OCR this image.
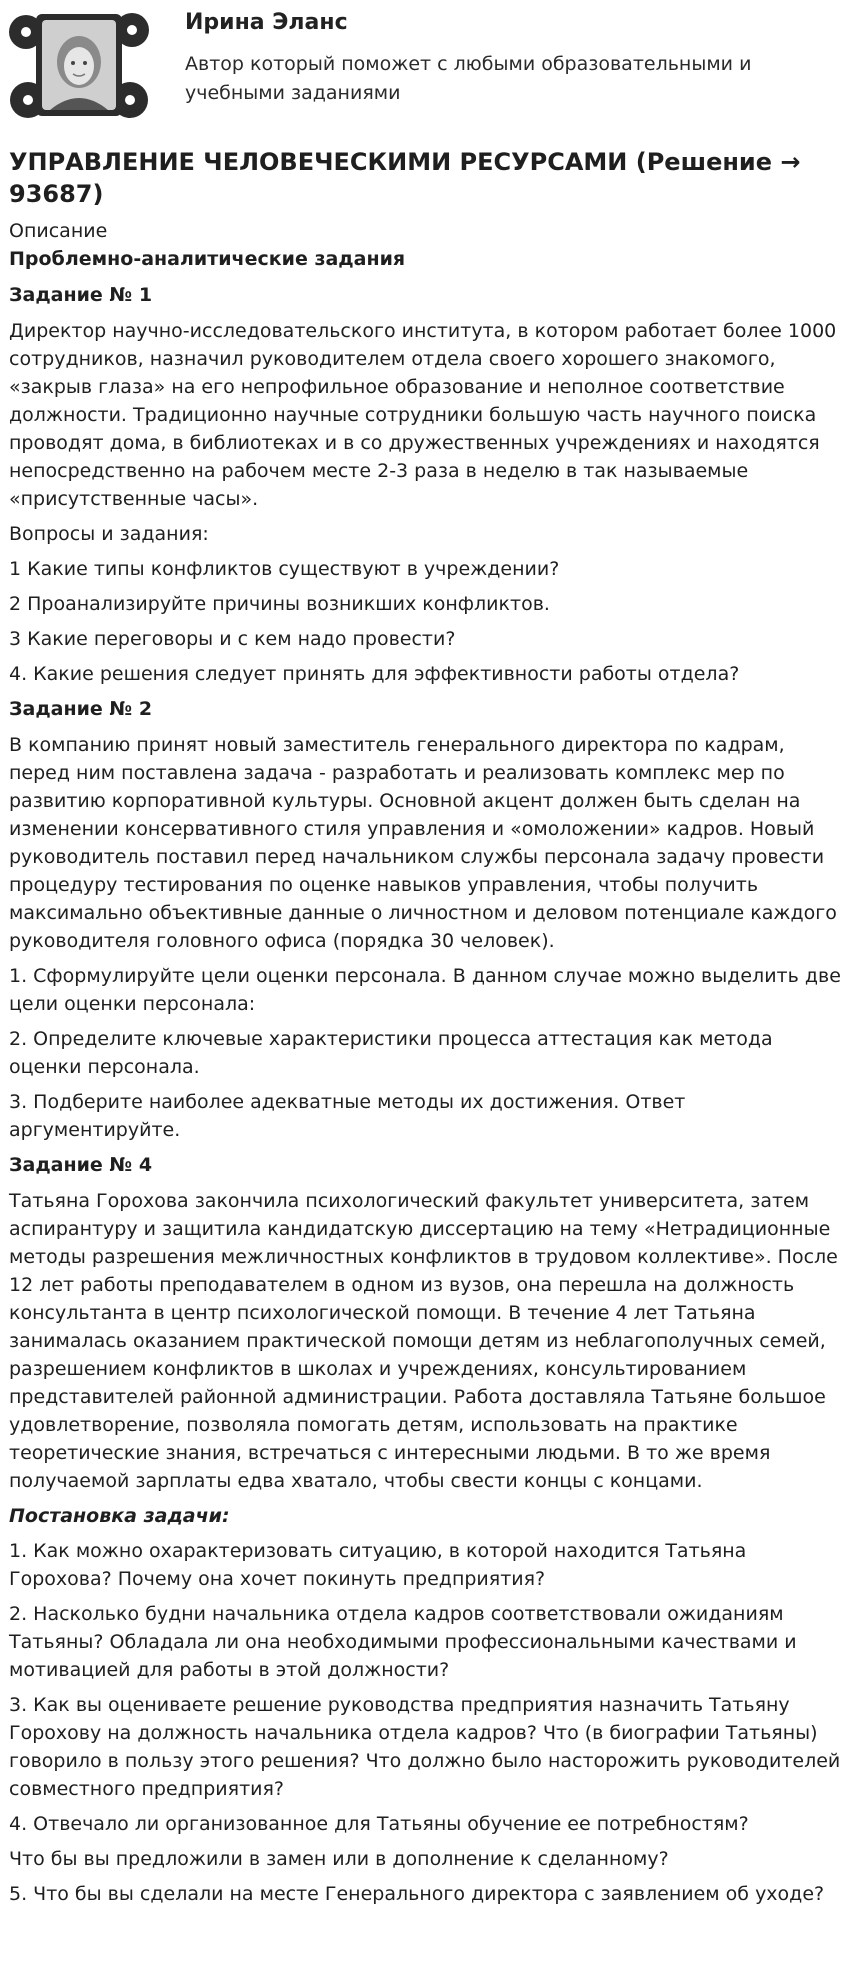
Ирина Эланс
Автор который поможет с любыми образовательными и учебными заданиями
УПРАВЛЕНИЕ ЧЕЛОВЕЧЕСКИМИ РЕСУРСАМИ (Решение → 93687)
Описание
Проблемно-аналитические задания
Задание № 1

Директор научно-исследовательского института, в котором работает более 1000 сотрудников, назначил руководителем отдела своего хорошего знакомого, «закрыв глаза» на его непрофильное образование и неполное соответствие должности. Традиционно научные сотрудники большую часть научного поиска проводят дома, в библиотеках и в со дружественных учреждениях и находятся непосредственно на рабочем месте 2-3 раза в неделю в так называемые «присутственные часы».

Вопросы и задания:

1 Какие типы конфликтов существуют в учреждении?

2 Проанализируйте причины возникших конфликтов.

3 Какие переговоры и с кем надо провести?

4. Какие решения следует принять для эффективности работы отдела?

Задание № 2

В компанию принят новый заместитель генерального директора по кадрам, перед ним поставлена задача - разработать и реализовать комплекс мер по развитию корпоративной культуры. Основной акцент должен быть сделан на изменении консервативного стиля управления и «омоложении» кадров. Новый руководитель поставил перед начальником службы персонала задачу провести процедуру тестирования по оценке навыков управления, чтобы получить максимально объективные данные о личностном и деловом потенциале каждого руководителя головного офиса (порядка 30 человек).

1. Сформулируйте цели оценки персонала. В данном случае можно выделить две цели оценки персонала:

2. Определите ключевые характеристики процесса аттестация как метода оценки персонала.

3. Подберите наиболее адекватные методы их достижения. Ответ аргументируйте.

Задание № 4

Татьяна Горохова закончила психологический факультет университета, затем аспирантуру и защитила кандидатскую диссертацию на тему «Нетрадиционные методы разрешения межличностных конфликтов в трудовом коллективе». После 12 лет работы преподавателем в одном из вузов, она перешла на должность консультанта в центр психологической помощи. В течение 4 лет Татьяна занималась оказанием практической помощи детям из неблагополучных семей, разрешением конфликтов в школах и учреждениях, консультированием представителей районной администрации. Работа доставляла Татьяне большое удовлетворение, позволяла помогать детям, использовать на практике теоретические знания, встречаться с интересными людьми. В то же время получаемой зарплаты едва хватало, чтобы свести концы с концами.

Постановка задачи:

1. Как можно охарактеризовать ситуацию, в которой находится Татьяна Горохова? Почему она хочет покинуть предприятия?

2. Насколько будни начальника отдела кадров соответствовали ожиданиям Татьяны? Обладала ли она необходимыми профессиональными качествами и мотивацией для работы в этой должности?

3. Как вы оцениваете решение руководства предприятия назначить Татьяну Горохову на должность начальника отдела кадров? Что (в биографии Татьяны) говорило в пользу этого решения? Что должно было насторожить руководителей совместного предприятия?

4. Отвечало ли организованное для Татьяны обучение ее потребностям?

Что бы вы предложили в замен или в дополнение к сделанному?

5. Что бы вы сделали на месте Генерального директора с заявлением об уходе?
